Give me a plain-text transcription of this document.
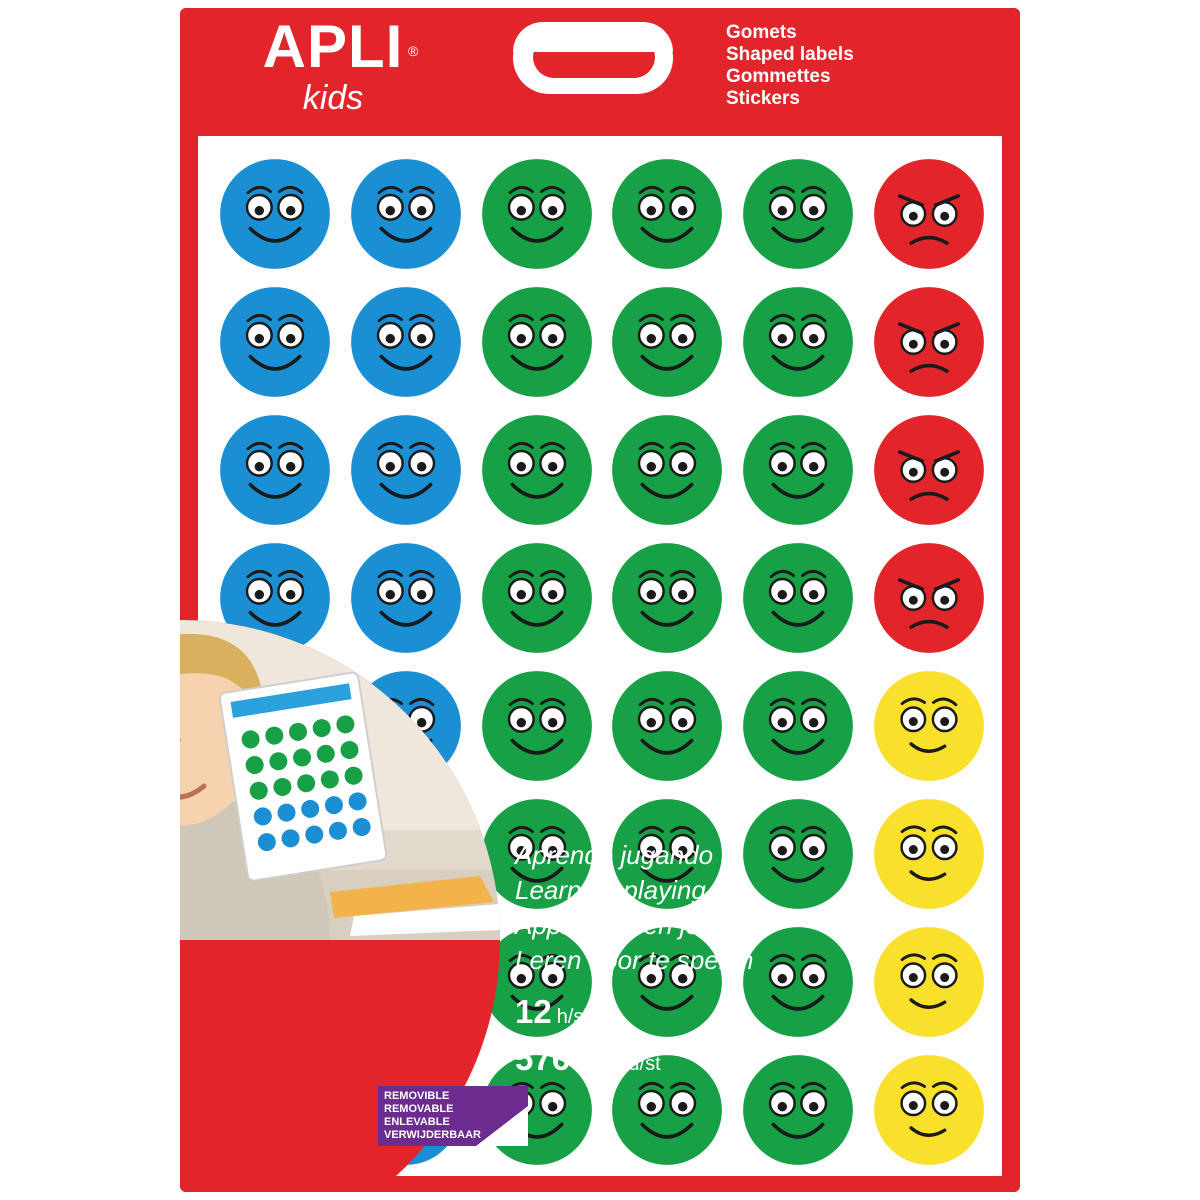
APLI ®
kids
Gomets
Shaped labels
Gommettes
Stickers
Aprende jugando
Learn by playing
Apprendre en jouant
Leren door te spelen
12 h/sh/f/v
576 u/pcs/u/st
REMOVIBLE
REMOVABLE
ENLEVABLE
VERWIJDERBAAR
